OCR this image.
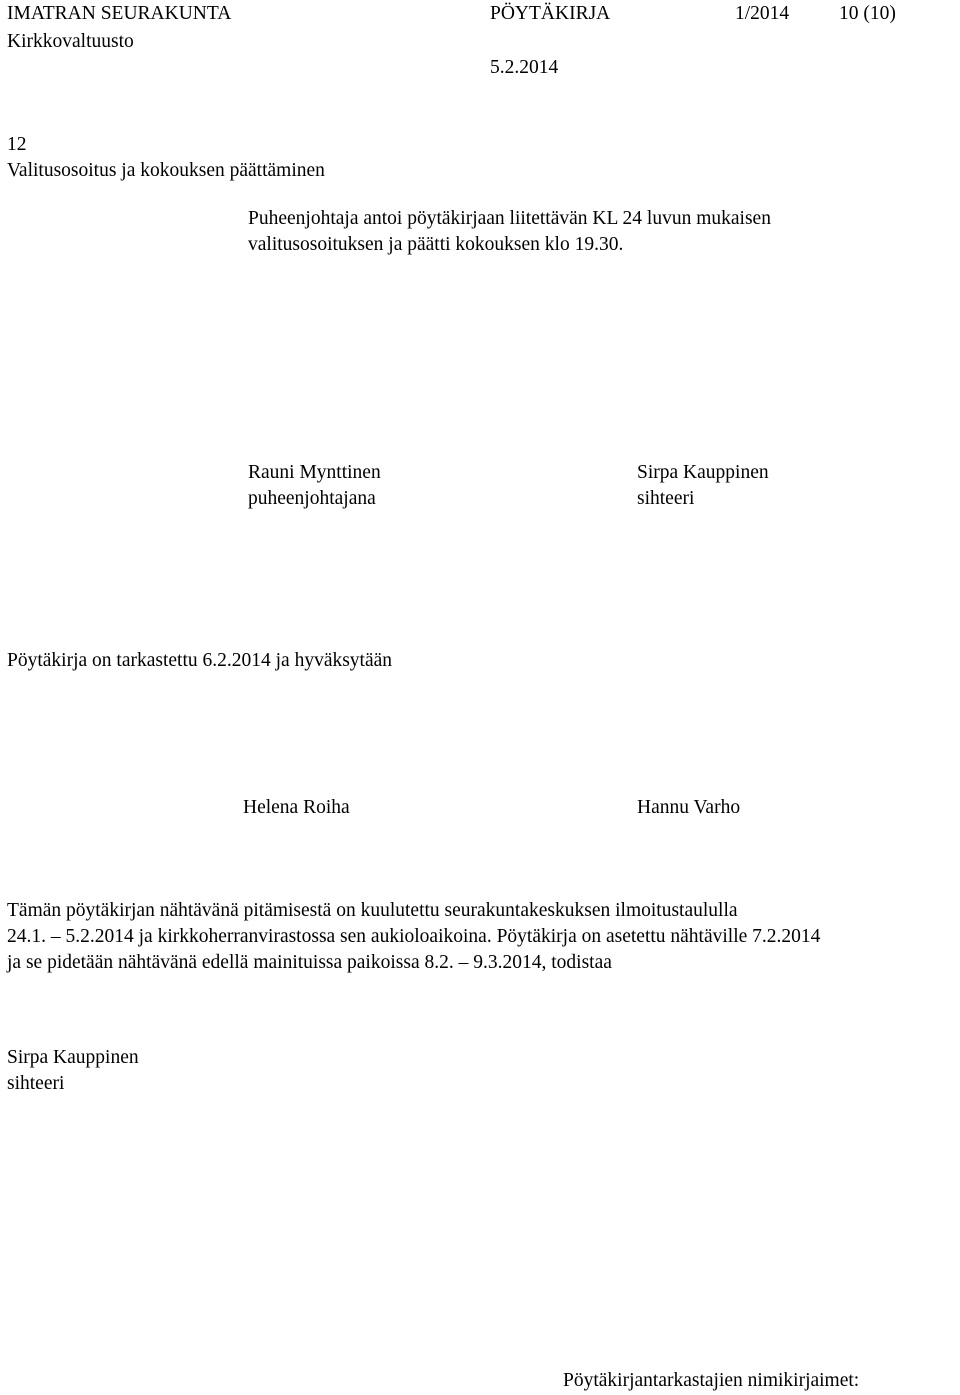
IMATRAN SEURAKUNTA	PÖYTÄKIRJA	1/2014	10 (10)
Kirkkovaltuusto
5.2.2014
12
Valitusosoitus ja kokouksen päättäminen
Puheenjohtaja antoi pöytäkirjaan liitettävän KL 24 luvun mukaisen
valitusosoituksen ja päätti kokouksen klo 19.30.
Rauni Mynttinen
puheenjohtajana
Sirpa Kauppinen
sihteeri
Pöytäkirja on tarkastettu 6.2.2014 ja hyväksytään
Helena Roiha	Hannu Varho
Tämän pöytäkirjan nähtävänä pitämisestä on kuulutettu seurakuntakeskuksen ilmoitustaululla
24.1. – 5.2.2014 ja kirkkoherranvirastossa sen aukioloaikoina. Pöytäkirja on asetettu nähtäville 7.2.2014
ja se pidetään nähtävänä edellä mainituissa paikoissa 8.2. – 9.3.2014, todistaa
Sirpa Kauppinen
sihteeri
Pöytäkirjantarkastajien nimikirjaimet:
